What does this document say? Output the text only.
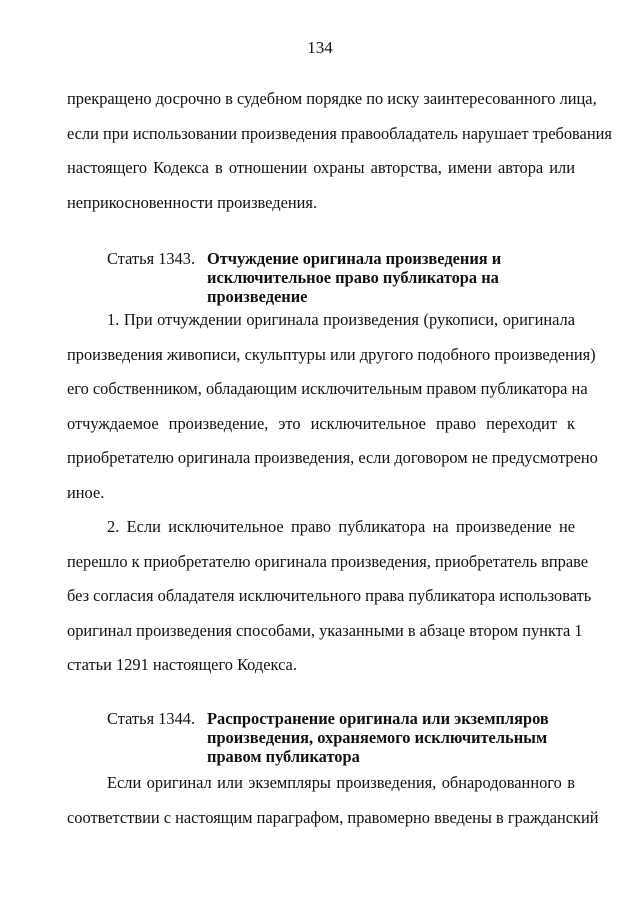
134
прекращено досрочно в судебном порядке по иску заинтересованного лица,
если при использовании произведения правообладатель нарушает требования
настоящего Кодекса в отношении охраны авторства, имени автора или
неприкосновенности произведения.
Статья 1343. Отчуждение оригинала произведения и
исключительное право публикатора на
произведение
1. При отчуждении оригинала произведения (рукописи, оригинала
произведения живописи, скульптуры или другого подобного произведения)
его собственником, обладающим исключительным правом публикатора на
отчуждаемое произведение, это исключительное право переходит к
приобретателю оригинала произведения, если договором не предусмотрено
иное.
2. Если исключительное право публикатора на произведение не
перешло к приобретателю оригинала произведения, приобретатель вправе
без согласия обладателя исключительного права публикатора использовать
оригинал произведения способами, указанными в абзаце втором пункта 1
статьи 1291 настоящего Кодекса.
Статья 1344. Распространение оригинала или экземпляров
произведения, охраняемого исключительным
правом публикатора
Если оригинал или экземпляры произведения, обнародованного в
соответствии с настоящим параграфом, правомерно введены в гражданский
